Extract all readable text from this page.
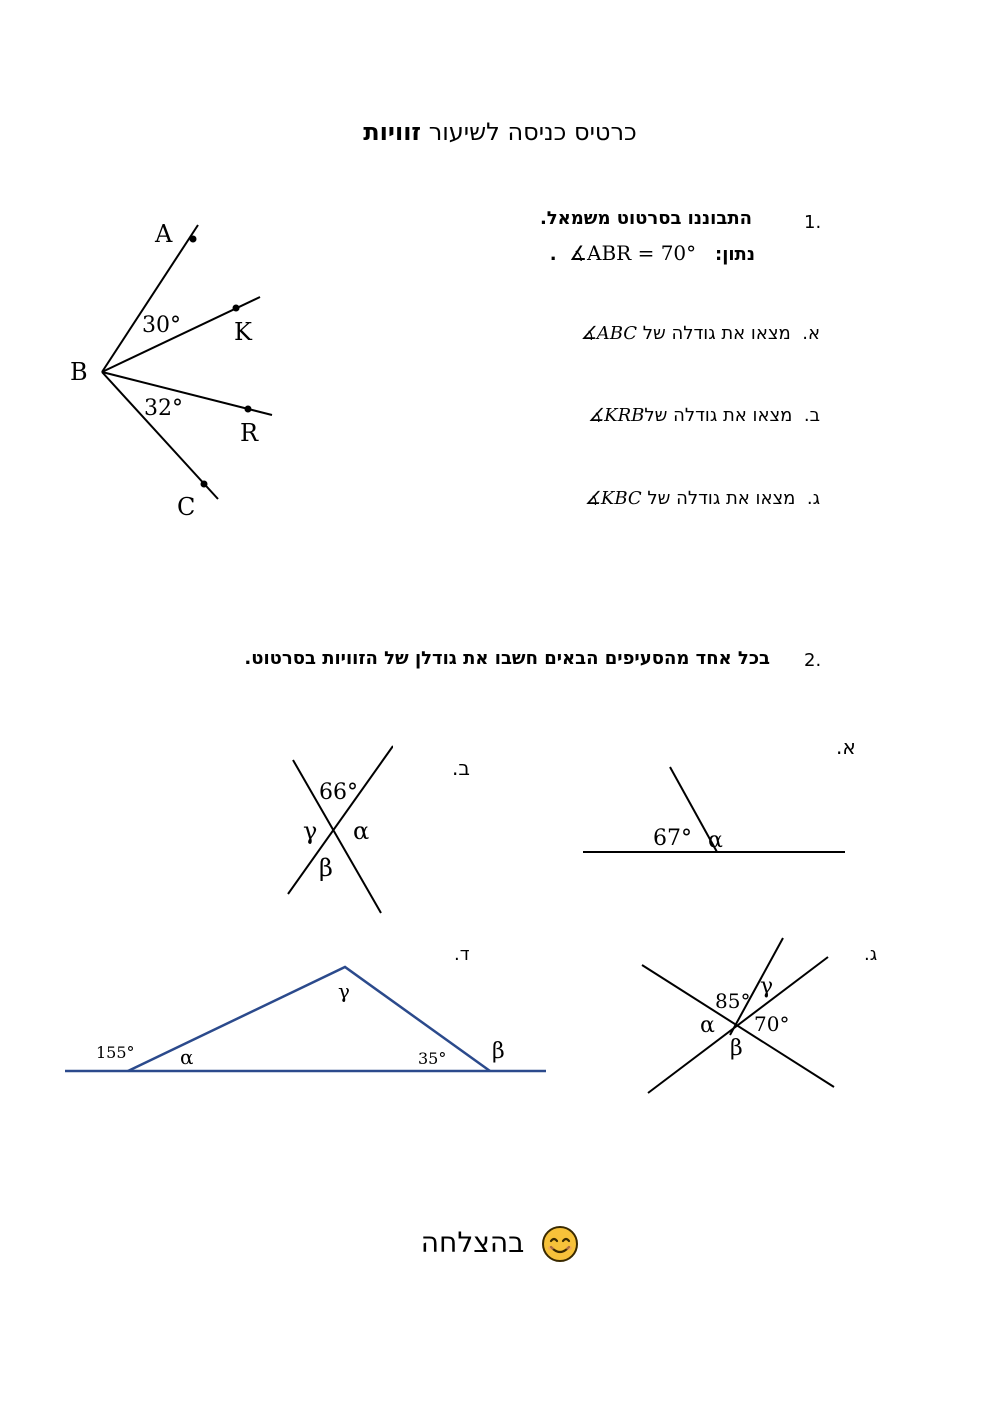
כרטיס כניסה לשיעור זוויות
1.
התבוננו בסרטוט משמאל.
נתון:   ∡ABR = 70°  .
א.  מצאו את גודלה של ∡ABC
ב.  מצאו את גודלה של∡KRB
ג.  מצאו את גודלה של ∡KBC
A
B
K
R
C
30°
32°
2.
בכל אחד מהסעיפים הבאים חשבו את גודלן של הזוויות בסרטוט.
א.
ב.
ג.
ד.
67° α
66°
γ α
β
85°
γ
70°
α
β
155° α
γ
35° β
בהצלחה
